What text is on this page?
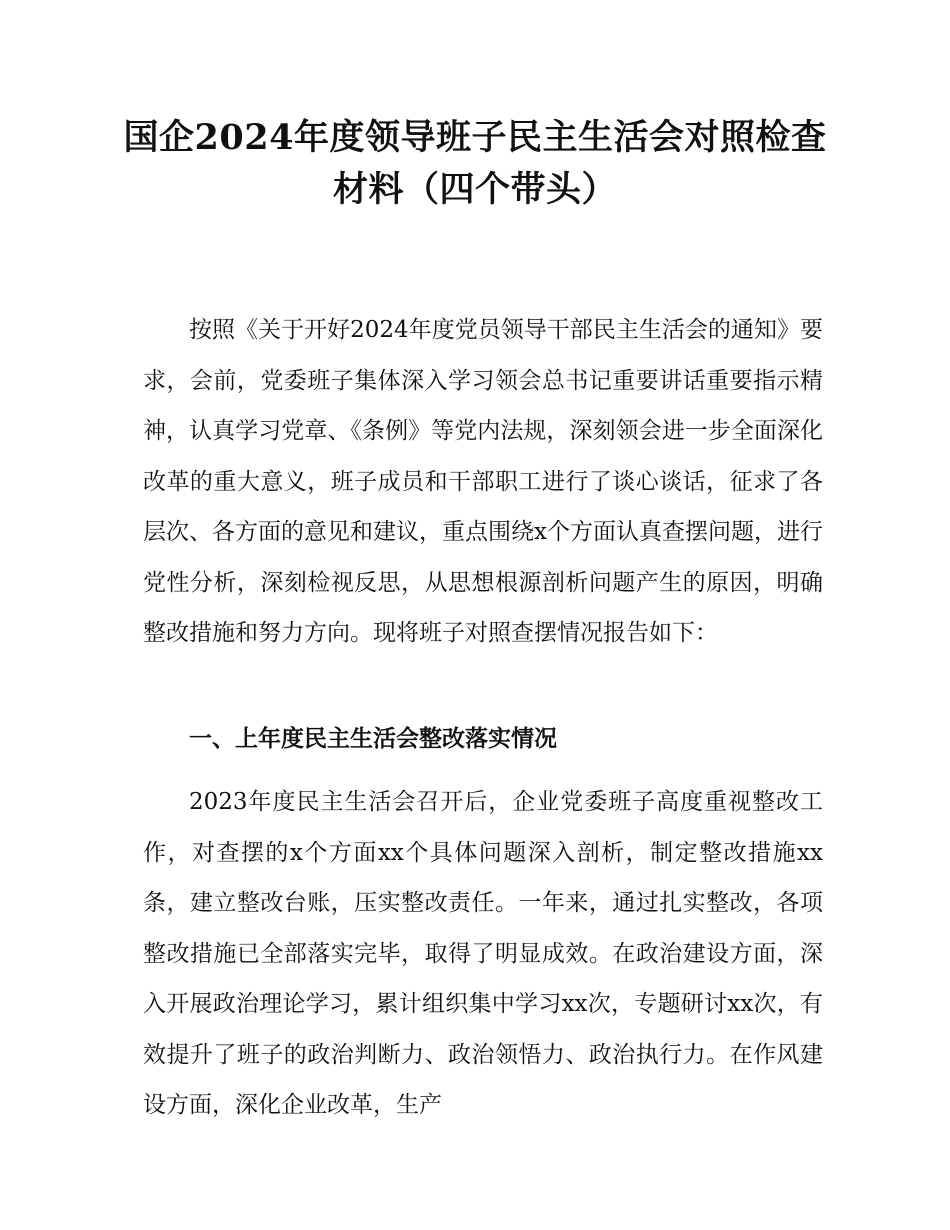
国企2024年度领导班子民主生活会对照检查
材料（四个带头）

按照《关于开好2024年度党员领导干部民主生活会的通知》要求，会前，党委班子集体深入学习领会总书记重要讲话重要指示精神，认真学习党章、《条例》等党内法规，深刻领会进一步全面深化改革的重大意义，班子成员和干部职工进行了谈心谈话，征求了各层次、各方面的意见和建议，重点围绕x个方面认真查摆问题，进行党性分析，深刻检视反思，从思想根源剖析问题产生的原因，明确整改措施和努力方向。现将班子对照查摆情况报告如下：

一、上年度民主生活会整改落实情况

2023年度民主生活会召开后，企业党委班子高度重视整改工作，对查摆的x个方面xx个具体问题深入剖析，制定整改措施xx条，建立整改台账，压实整改责任。一年来，通过扎实整改，各项整改措施已全部落实完毕，取得了明显成效。在政治建设方面，深入开展政治理论学习，累计组织集中学习xx次，专题研讨xx次，有效提升了班子的政治判断力、政治领悟力、政治执行力。在作风建设方面，深化企业改革，生产
